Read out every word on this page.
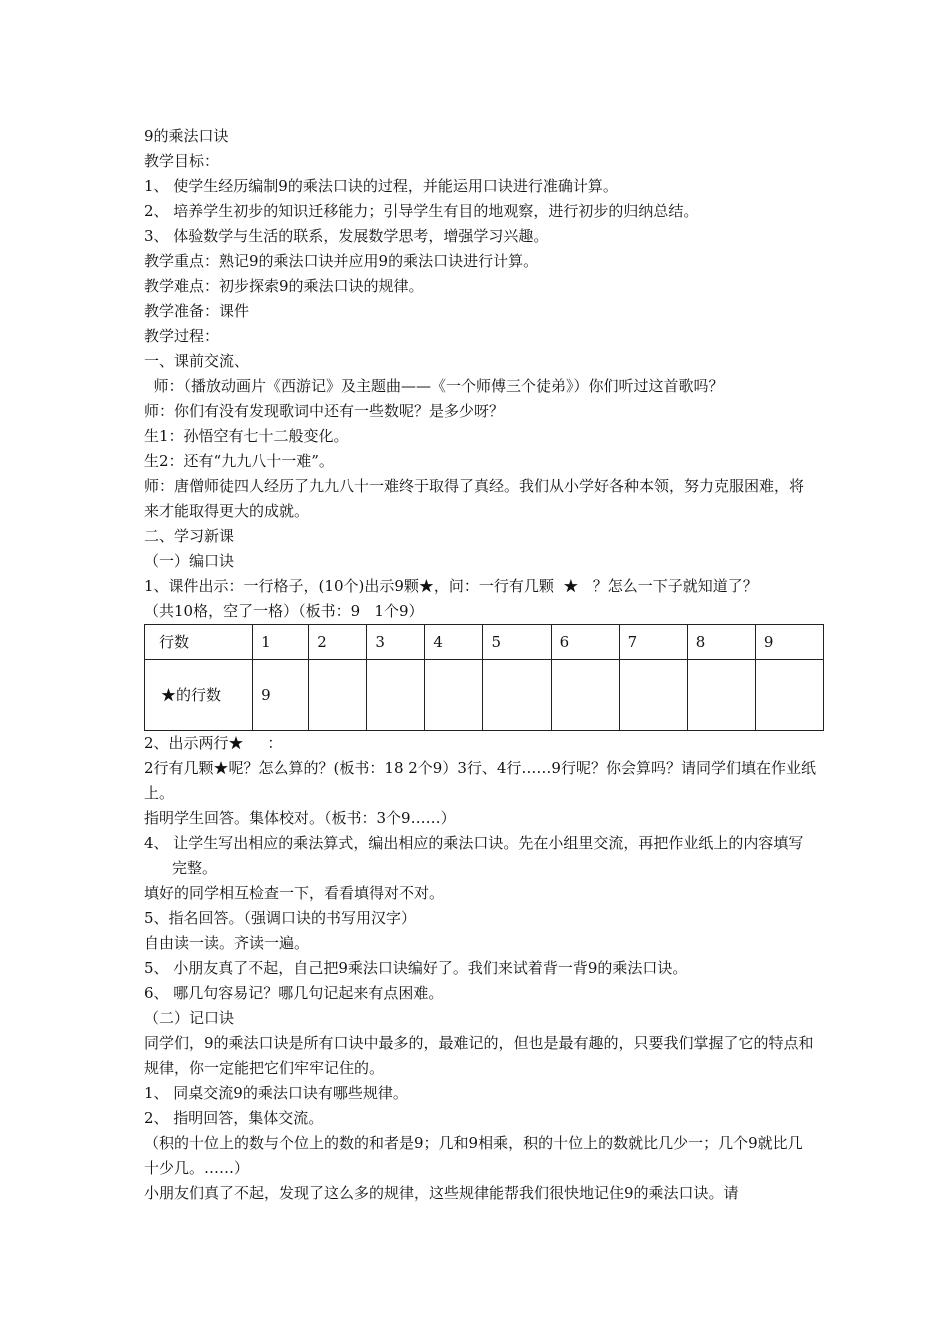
9的乘法口诀

教学目标：

1、 使学生经历编制9的乘法口诀的过程，并能运用口诀进行准确计算。

2、 培养学生初步的知识迁移能力；引导学生有目的地观察，进行初步的归纳总结。

3、 体验数学与生活的联系，发展数学思考，增强学习兴趣。

教学重点：熟记9的乘法口诀并应用9的乘法口诀进行计算。

教学难点：初步探索9的乘法口诀的规律。

教学准备：课件

教学过程：

一、课前交流、

师：（播放动画片《西游记》及主题曲——《一个师傅三个徒弟》）你们听过这首歌吗？

师：你们有没有发现歌词中还有一些数呢？是多少呀？

生1：孙悟空有七十二般变化。

生2：还有“九九八十一难”。

师：唐僧师徒四人经历了九九八十一难终于取得了真经。我们从小学好各种本领，努力克服困难，将来才能取得更大的成就。

二、学习新课

（一）编口诀

1、课件出示：一行格子，(10个)出示9颗★，问：一行有几颗  ★   ？怎么一下子就知道了？

（共10格，空了一格）（板书：9   1个9）

行数	1	2	3	4	5	6	7	8	9
★的行数	9								

2、出示两行★     ：

2行有几颗★呢？怎么算的？(板书：18 2个9）3行、4行……9行呢？你会算吗？请同学们填在作业纸上。

指明学生回答。集体校对。（板书：3个9……）

4、 让学生写出相应的乘法算式，编出相应的乘法口诀。先在小组里交流，再把作业纸上的内容填写完整。

填好的同学相互检查一下，看看填得对不对。

5、指名回答。（强调口诀的书写用汉字）

自由读一读。齐读一遍。

5、 小朋友真了不起，自己把9乘法口诀编好了。我们来试着背一背9的乘法口诀。

6、 哪几句容易记？哪几句记起来有点困难。

（二）记口诀

同学们，9的乘法口诀是所有口诀中最多的，最难记的，但也是最有趣的，只要我们掌握了它的特点和规律，你一定能把它们牢牢记住的。

1、 同桌交流9的乘法口诀有哪些规律。

2、 指明回答，集体交流。

（积的十位上的数与个位上的数的和者是9；几和9相乘，积的十位上的数就比几少一；几个9就比几十少几。……）

小朋友们真了不起，发现了这么多的规律，这些规律能帮我们很快地记住9的乘法口诀。请
